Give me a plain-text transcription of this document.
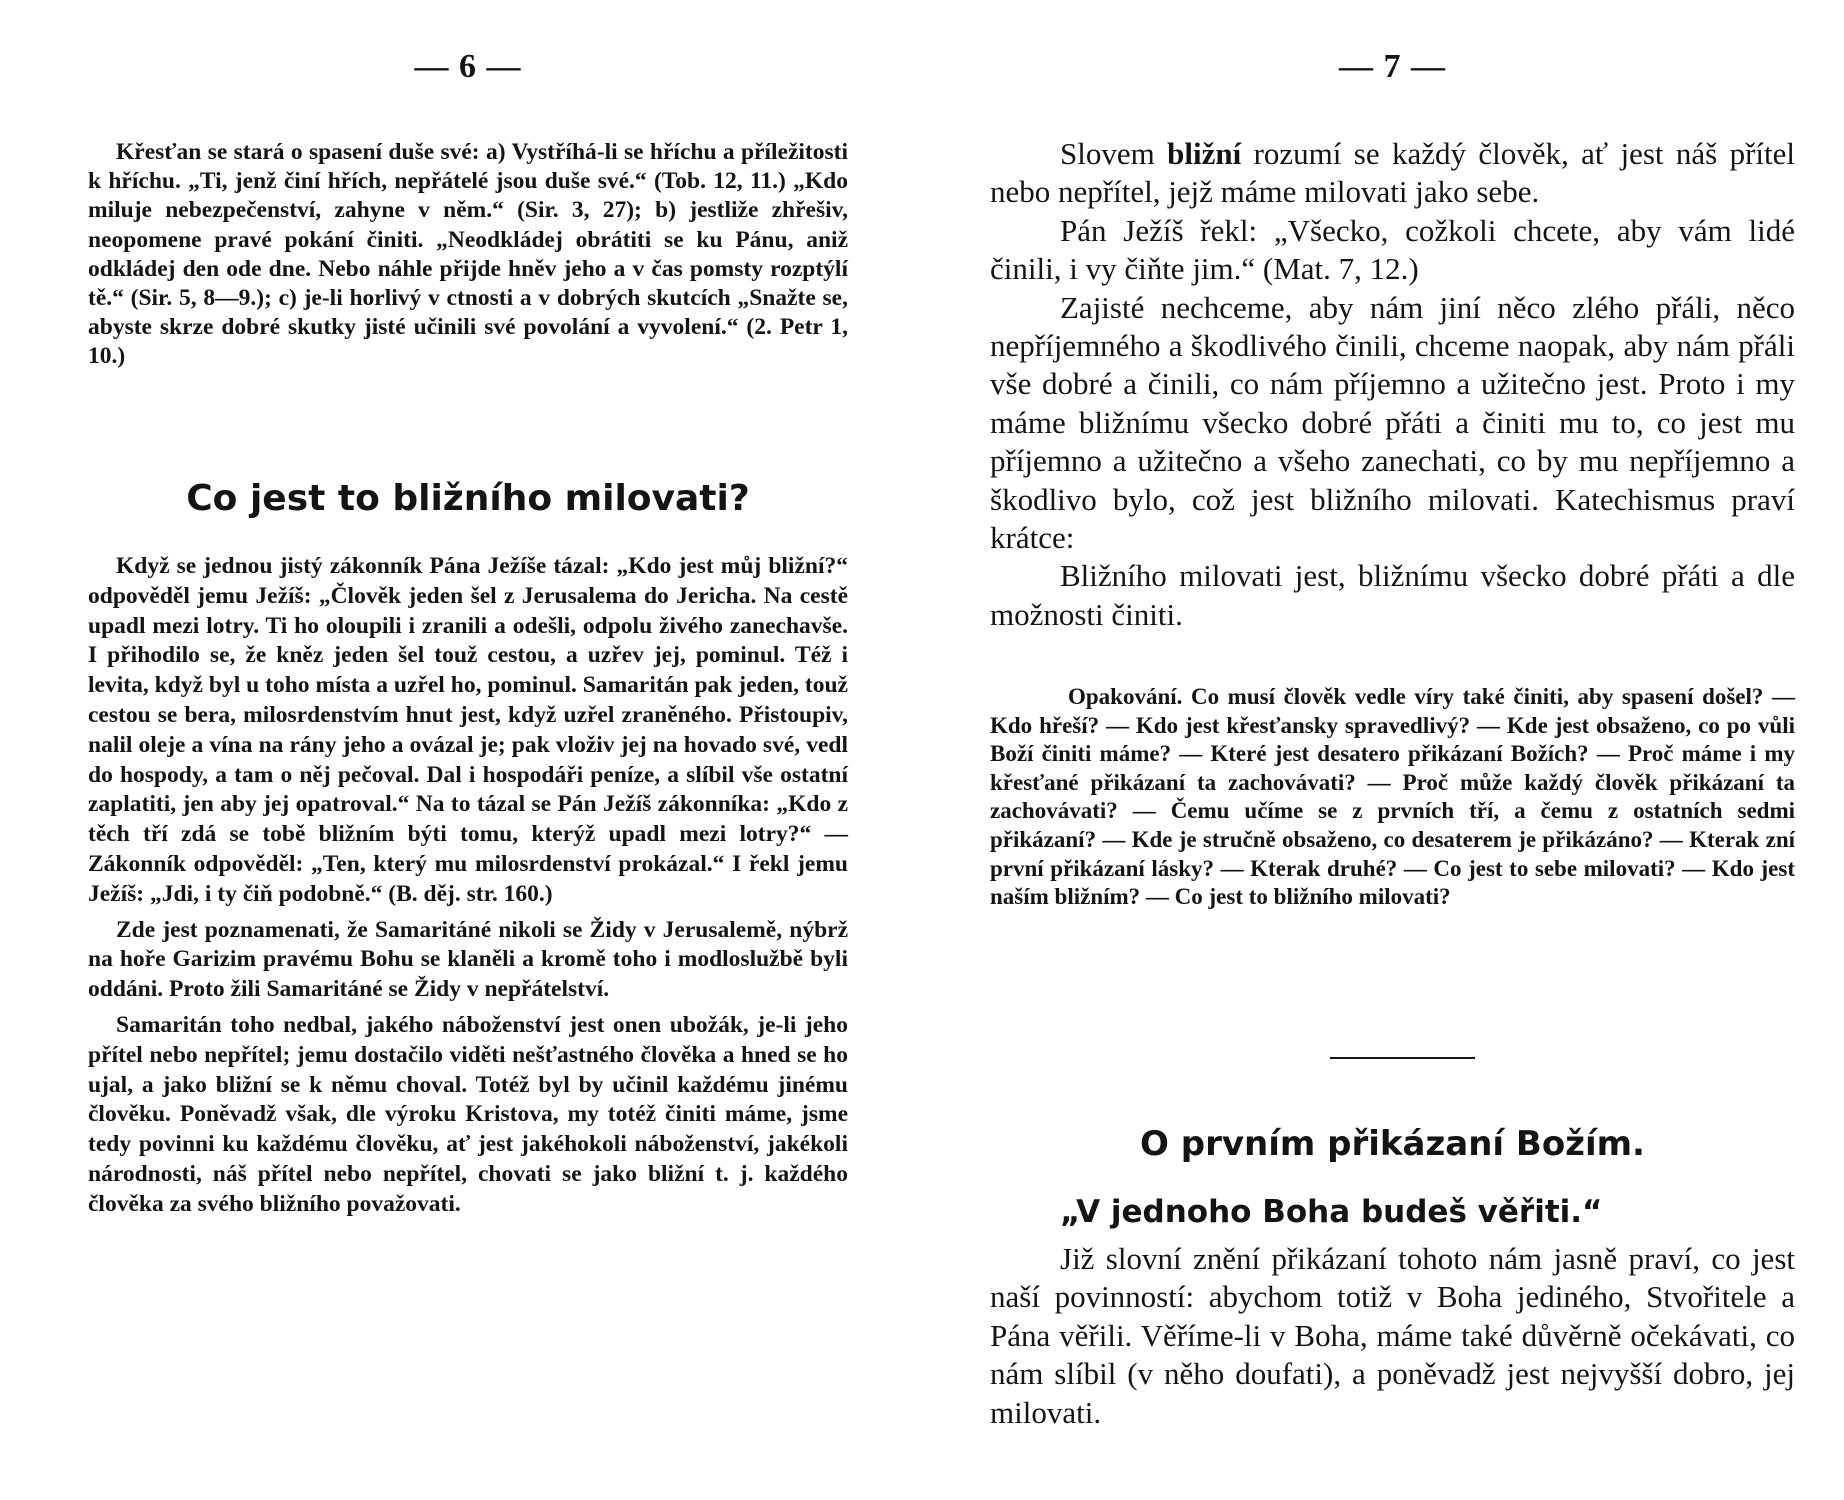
— 6 —

Křesťan se stará o spasení duše své: a) Vystříhá-li se hříchu a příležitosti k hříchu. „Ti, jenž činí hřích, nepřátelé jsou duše své.“ (Tob. 12, 11.) „Kdo miluje nebezpečenství, zahyne v něm.“ (Sir. 3, 27); b) jestliže zhřešiv, neopomene pravé pokání činiti. „Neodkládej obrátiti se ku Pánu, aniž odkládej den ode dne. Nebo náhle přijde hněv jeho a v čas pomsty rozptýlí tě.“ (Sir. 5, 8—9.); c) je-li horlivý v ctnosti a v dobrých skutcích „Snažte se, abyste skrze dobré skutky jisté učinili své povolání a vyvolení.“ (2. Petr 1, 10.)

Co jest to bližního milovati?

Když se jednou jistý zákonník Pána Ježíše tázal: „Kdo jest můj bližní?“ odpověděl jemu Ježíš: „Člověk jeden šel z Jerusalema do Jericha. Na cestě upadl mezi lotry. Ti ho oloupili i zranili a odešli, odpolu živého zanechavše. I přihodilo se, že kněz jeden šel touž cestou, a uzřev jej, pominul. Též i levita, když byl u toho místa a uzřel ho, pominul. Samaritán pak jeden, touž cestou se bera, milosrdenstvím hnut jest, když uzřel zraněného. Přistoupiv, nalil oleje a vína na rány jeho a ovázal je; pak vloživ jej na hovado své, vedl do hospody, a tam o něj pečoval. Dal i hospodáři peníze, a slíbil vše ostatní zaplatiti, jen aby jej opatroval.“ Na to tázal se Pán Ježíš zákonníka: „Kdo z těch tří zdá se tobě bližním býti tomu, kterýž upadl mezi lotry?“ — Zákonník odpověděl: „Ten, který mu milosrdenství prokázal.“ I řekl jemu Ježíš: „Jdi, i ty čiň podobně.“ (B. děj. str. 160.)

Zde jest poznamenati, že Samaritáné nikoli se Židy v Jerusalemě, nýbrž na hoře Garizim pravému Bohu se klaněli a kromě toho i modloslužbě byli oddáni. Proto žili Samaritáné se Židy v nepřátelství.

Samaritán toho nedbal, jakého náboženství jest onen ubožák, je-li jeho přítel nebo nepřítel; jemu dostačilo viděti nešťastného člověka a hned se ho ujal, a jako bližní se k němu choval. Totéž byl by učinil každému jinému člověku. Poněvadž však, dle výroku Kristova, my totéž činiti máme, jsme tedy povinni ku každému člověku, ať jest jakéhokoli náboženství, jakékoli národnosti, náš přítel nebo nepřítel, chovati se jako bližní t. j. každého člověka za svého bližního považovati.

— 7 —

Slovem bližní rozumí se každý člověk, ať jest náš přítel nebo nepřítel, jejž máme milovati jako sebe.

Pán Ježíš řekl: „Všecko, cožkoli chcete, aby vám lidé činili, i vy čiňte jim.“ (Mat. 7, 12.)

Zajisté nechceme, aby nám jiní něco zlého přáli, něco nepříjemného a škodlivého činili, chceme naopak, aby nám přáli vše dobré a činili, co nám příjemno a užitečno jest. Proto i my máme bližnímu všecko dobré přáti a činiti mu to, co jest mu příjemno a užitečno a všeho zanechati, co by mu nepříjemno a škodlivo bylo, což jest bližního milovati. Katechismus praví krátce:

Bližního milovati jest, bližnímu všecko dobré přáti a dle možnosti činiti.

Opakování. Co musí člověk vedle víry také činiti, aby spasení došel? — Kdo hřeší? — Kdo jest křesťansky spravedlivý? — Kde jest obsaženo, co po vůli Boží činiti máme? — Které jest desatero přikázaní Božích? — Proč máme i my křesťané přikázaní ta zachovávati? — Proč může každý člověk přikázaní ta zachovávati? — Čemu učíme se z prvních tří, a čemu z ostatních sedmi přikázaní? — Kde je stručně obsaženo, co desaterem je přikázáno? — Kterak zní první přikázaní lásky? — Kterak druhé? — Co jest to sebe milovati? — Kdo jest naším bližním? — Co jest to bližního milovati?

O prvním přikázaní Božím.
„V jednoho Boha budeš věřiti.“

Již slovní znění přikázaní tohoto nám jasně praví, co jest naší povinností: abychom totiž v Boha jediného, Stvořitele a Pána věřili. Věříme-li v Boha, máme také důvěrně očekávati, co nám slíbil (v něho doufati), a poněvadž jest nejvyšší dobro, jej milovati.
